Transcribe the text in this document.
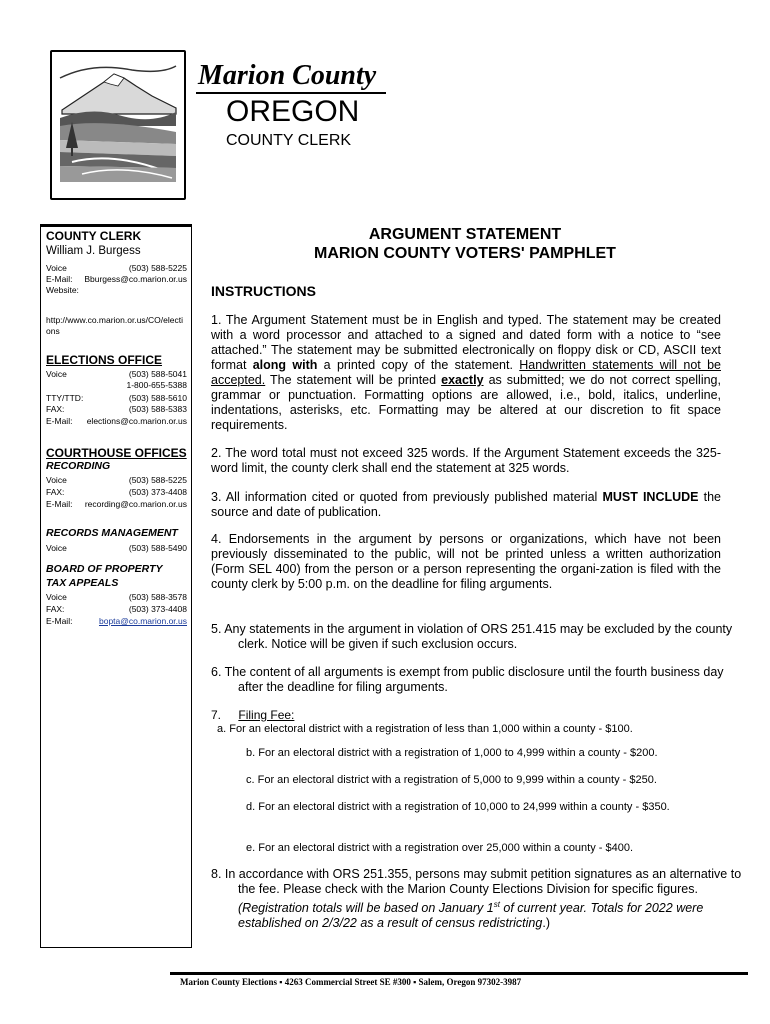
Marion County
OREGON
COUNTY CLERK
COUNTY CLERK
William J. Burgess
Voice	(503) 588-5225
E-Mail: Bburgess@co.marion.or.us
Website:
http://www.co.marion.or.us/CO/elections
ELECTIONS OFFICE
Voice	(503) 588-5041
1-800-655-5388
TTY/TTD:	(503) 588-5610
FAX:	(503) 588-5383
E-Mail: elections@co.marion.or.us
COURTHOUSE OFFICES
RECORDING
Voice	(503) 588-5225
FAX:	(503) 373-4408
E-Mail: recording@co.marion.or.us
RECORDS MANAGEMENT
Voice	(503) 588-5490
BOARD OF PROPERTY
TAX APPEALS
Voice	(503) 588-3578
FAX:	(503) 373-4408
E-Mail:	bopta@co.marion.or.us
ARGUMENT STATEMENT
MARION COUNTY VOTERS' PAMPHLET
INSTRUCTIONS
1. The Argument Statement must be in English and typed. The statement may be created with a word processor and attached to a signed and dated form with a notice to “see attached.” The statement may be submitted electronically on floppy disk or CD, ASCII text format along with a printed copy of the statement. Handwritten statements will not be accepted. The statement will be printed exactly as submitted; we do not correct spelling, grammar or punctuation. Formatting options are allowed, i.e., bold, italics, underline, indentations, asterisks, etc. Formatting may be altered at our discretion to fit space requirements.
2. The word total must not exceed 325 words. If the Argument Statement exceeds the 325-word limit, the county clerk shall end the statement at 325 words.
3. All information cited or quoted from previously published material MUST INCLUDE the source and date of publication.
4. Endorsements in the argument by persons or organizations, which have not been previously disseminated to the public, will not be printed unless a written authorization (Form SEL 400) from the person or a person representing the organi-zation is filed with the county clerk by 5:00 p.m. on the deadline for filing arguments.
5. Any statements in the argument in violation of ORS 251.415 may be excluded by the county clerk. Notice will be given if such exclusion occurs.
6. The content of all arguments is exempt from public disclosure until the fourth business day after the deadline for filing arguments.
7. Filing Fee:
a. For an electoral district with a registration of less than 1,000 within a county - $100.
b. For an electoral district with a registration of 1,000 to 4,999 within a county - $200.
c. For an electoral district with a registration of 5,000 to 9,999 within a county - $250.
d. For an electoral district with a registration of 10,000 to 24,999 within a county - $350.
e. For an electoral district with a registration over 25,000 within a county - $400.
8. In accordance with ORS 251.355, persons may submit petition signatures as an alternative to the fee. Please check with the Marion County Elections Division for specific figures. (Registration totals will be based on January 1st of current year. Totals for 2022 were established on 2/3/22 as a result of census redistricting.)
Marion County Elections ▪ 4263 Commercial Street SE #300 ▪ Salem, Oregon 97302-3987
